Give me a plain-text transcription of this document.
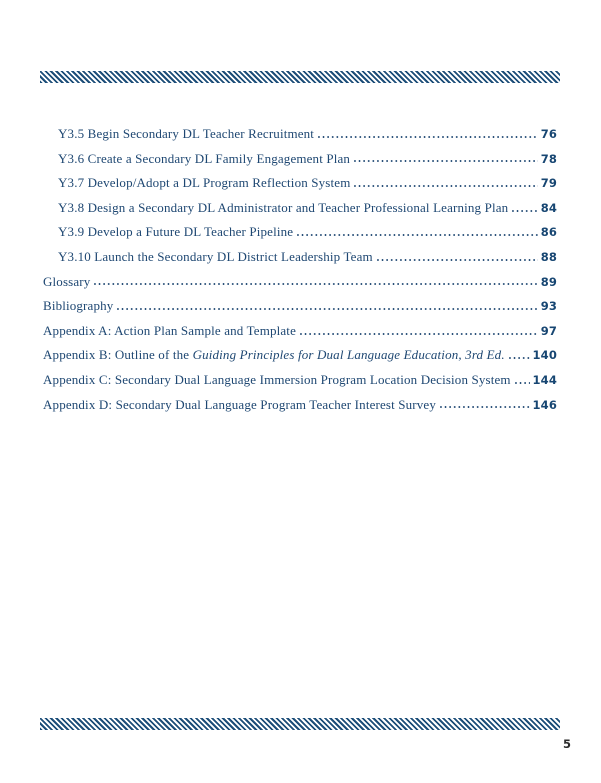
Y3.5 Begin Secondary DL Teacher Recruitment	76
Y3.6 Create a Secondary DL Family Engagement Plan	78
Y3.7 Develop/Adopt a DL Program Reflection System	79
Y3.8 Design a Secondary DL Administrator and Teacher Professional Learning Plan	84
Y3.9 Develop a Future DL Teacher Pipeline	86
Y3.10 Launch the Secondary DL District Leadership Team	88
Glossary	89
Bibliography	93
Appendix A: Action Plan Sample and Template	97
Appendix B: Outline of the Guiding Principles for Dual Language Education, 3rd Ed. 140
Appendix C: Secondary Dual Language Immersion Program Location Decision System 144
Appendix D: Secondary Dual Language Program Teacher Interest Survey	146
5
